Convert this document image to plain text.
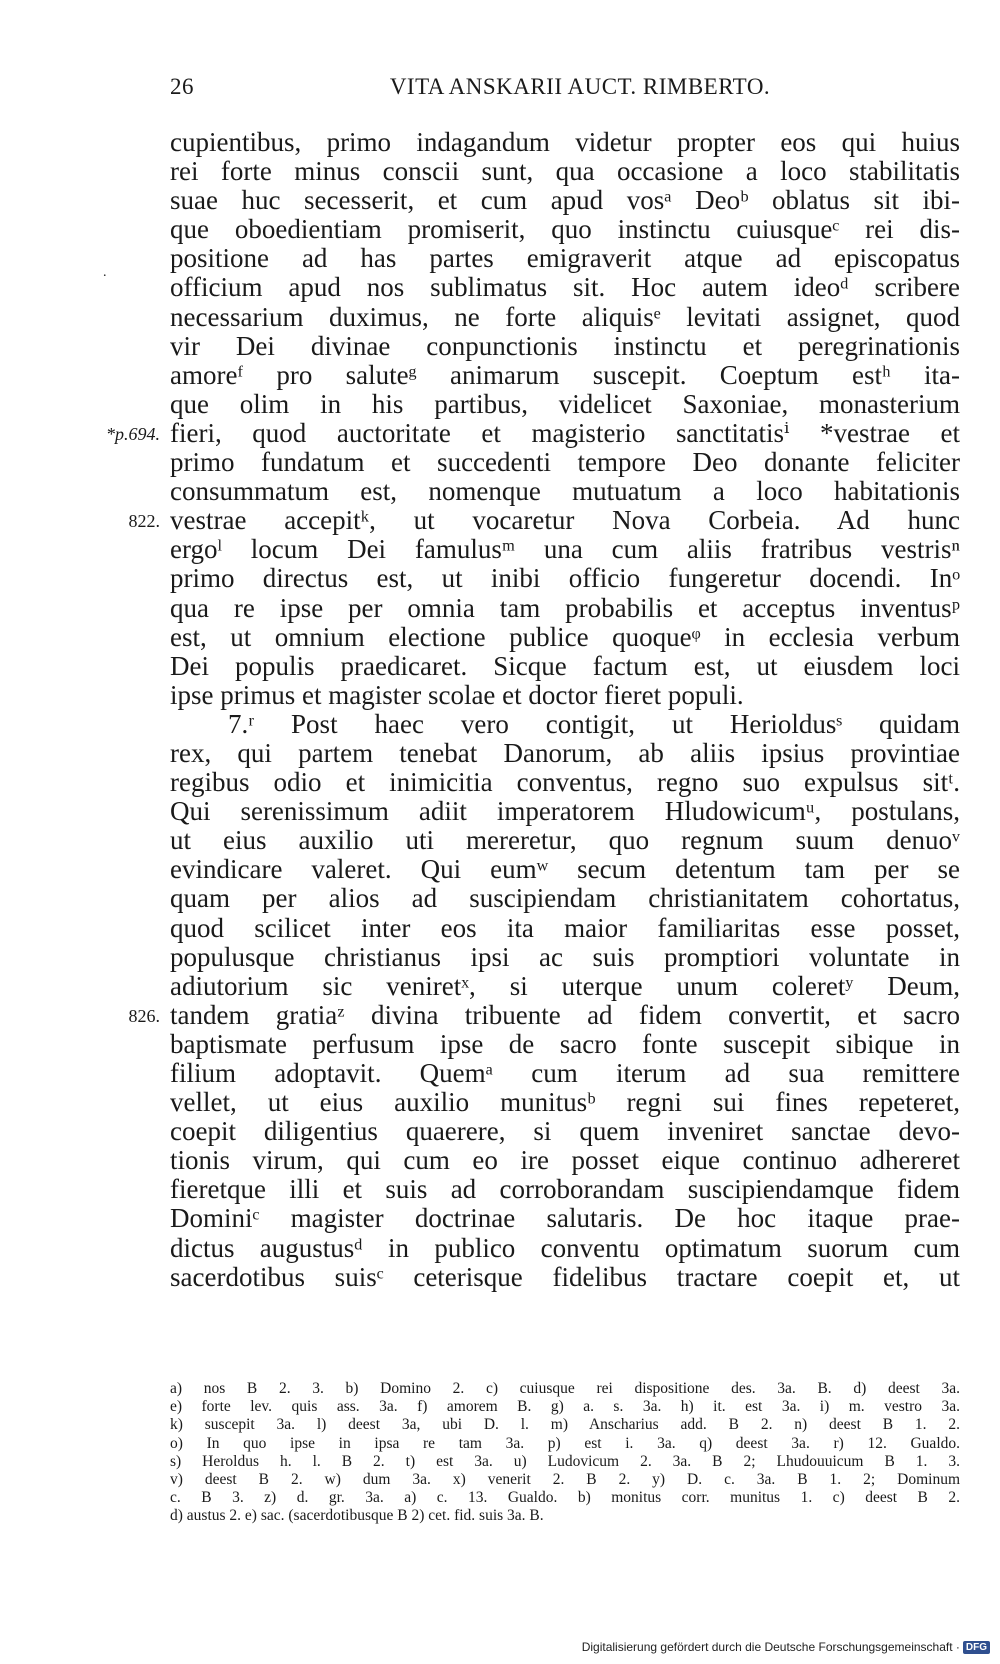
26	VITA ANSKARII AUCT. RIMBERTO.
.
cupientibus, primo indagandum videtur propter eos qui huius
rei forte minus conscii sunt, qua occasione a loco stabilitatis
suae huc secesserit, et cum apud vosᵃ Deoᵇ oblatus sit ibi-
que oboedientiam promiserit, quo instinctu cuiusqueᶜ rei dis-
positione ad has partes emigraverit atque ad episcopatus
officium apud nos sublimatus sit. Hoc autem ideoᵈ scribere
necessarium duximus, ne forte aliquisᵉ levitati assignet, quod
vir Dei divinae conpunctionis instinctu et peregrinationis
amoreᶠ pro saluteᵍ animarum suscepit. Coeptum estʰ ita-
que olim in his partibus, videlicet Saxoniae, monasterium
*p.694. fieri, quod auctoritate et magisterio sanctitatisⁱ *vestrae et
primo fundatum et succedenti tempore Deo donante feliciter
consummatum est, nomenque mutuatum a loco habitationis
822. vestrae accepitᵏ, ut vocaretur Nova Corbeia. Ad hunc
ergoˡ locum Dei famulusᵐ una cum aliis fratribus vestrisⁿ
primo directus est, ut inibi officio fungeretur docendi. Inᵒ
qua re ipse per omnia tam probabilis et acceptus inventusᵖ
est, ut omnium electione publice quoqueᵠ in ecclesia verbum
Dei populis praedicaret. Sicque factum est, ut eiusdem loci
ipse primus et magister scolae et doctor fieret populi.
7.ʳ Post haec vero contigit, ut Herioldusˢ quidam
rex, qui partem tenebat Danorum, ab aliis ipsius provintiae
regibus odio et inimicitia conventus, regno suo expulsus sitᵗ.
Qui serenissimum adiit imperatorem Hludowicumᵘ, postulans,
ut eius auxilio uti mereretur, quo regnum suum denuoᵛ
evindicare valeret. Qui eumʷ secum detentum tam per se
quam per alios ad suscipiendam christianitatem cohortatus,
quod scilicet inter eos ita maior familiaritas esse posset,
populusque christianus ipsi ac suis promptiori voluntate in
adiutorium sic veniretˣ, si uterque unum coleretʸ Deum,
826. tandem gratiaᶻ divina tribuente ad fidem convertit, et sacro
baptismate perfusum ipse de sacro fonte suscepit sibique in
filium adoptavit. Quemᵃ cum iterum ad sua remittere
vellet, ut eius auxilio munitusᵇ regni sui fines repeteret,
coepit diligentius quaerere, si quem inveniret sanctae devo-
tionis virum, qui cum eo ire posset eique continuo adhereret
fieretque illi et suis ad corroborandam suscipiendamque fidem
Dominiᶜ magister doctrinae salutaris. De hoc itaque prae-
dictus augustusᵈ in publico conventu optimatum suorum cum
sacerdotibus suisᶜ ceterisque fidelibus tractare coepit et, ut
a) nos B 2. 3. b) Domino 2. c) cuiusque rei dispositione des. 3a. B. d) deest 3a.
e) forte lev. quis ass. 3a. f) amorem B. g) a. s. 3a. h) it. est 3a. i) m. vestro 3a.
k) suscepit 3a. l) deest 3a, ubi D. l. m) Anscharius add. B 2. n) deest B 1. 2.
o) In quo ipse in ipsa re tam 3a. p) est i. 3a. q) deest 3a. r) 12. Gualdo.
s) Heroldus h. l. B 2. t) est 3a. u) Ludovicum 2. 3a. B 2; Lhudouuicum B 1. 3.
v) deest B 2. w) dum 3a. x) venerit 2. B 2. y) D. c. 3a. B 1. 2; Dominum
c. B 3. z) d. gr. 3a. a) c. 13. Gualdo. b) monitus corr. munitus 1. c) deest B 2.
d) austus 2. e) sac. (sacerdotibusque B 2) cet. fid. suis 3a. B.
Digitalisierung gefördert durch die Deutsche Forschungsgemeinschaft · DFG
